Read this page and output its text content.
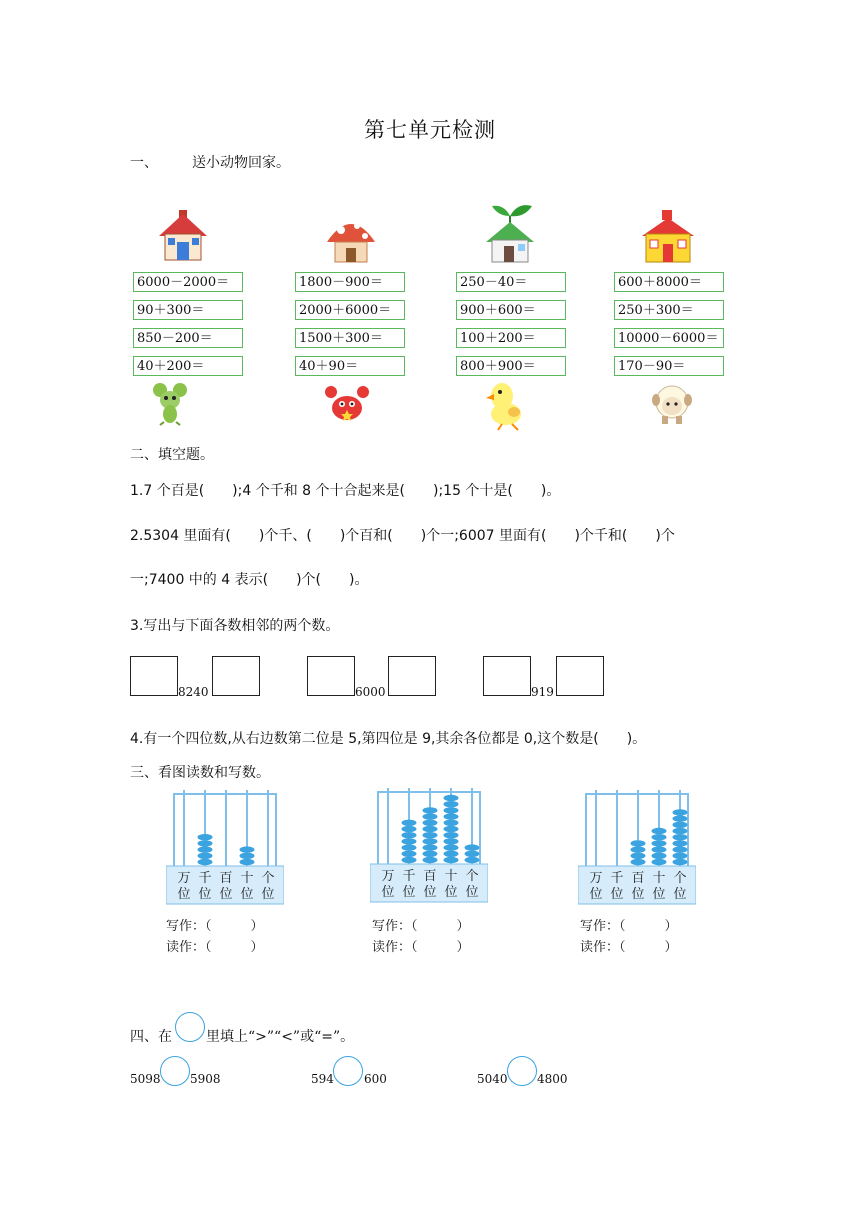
第七单元检测
一、 送小动物回家。
6000－2000＝
90＋300＝
850－200＝
40＋200＝
1800－900＝
2000＋6000＝
1500＋300＝
40＋90＝
250－40＝
900＋600＝
100＋200＝
800＋900＝
600＋8000＝
250＋300＝
10000－6000＝
170－90＝
二、填空题。
1.7 个百是(　　);4 个千和 8 个十合起来是(　　);15 个十是(　　)。
2.5304 里面有(　　)个千、(　　)个百和(　　)个一;6007 里面有(　　)个千和(　　)个
一;7400 中的 4 表示(　　)个(　　)。
3.写出与下面各数相邻的两个数。
8240	6000	919
4.有一个四位数,从右边数第二位是 5,第四位是 9,其余各位都是 0,这个数是(　　)。
三、看图读数和写数。
万
位
千
位
百
位
十
位
个
位
万
位
千
位
百
位
十
位
个
位
万
位
千
位
百
位
十
位
个
位
写作：（　　　）
读作：（　　　）
写作：（　　　）
读作：（　　　）
写作：（　　　）
读作：（　　　）
四、在 里填上“>”“<”或“=”。
5098 5908	594	600	5040 4800
